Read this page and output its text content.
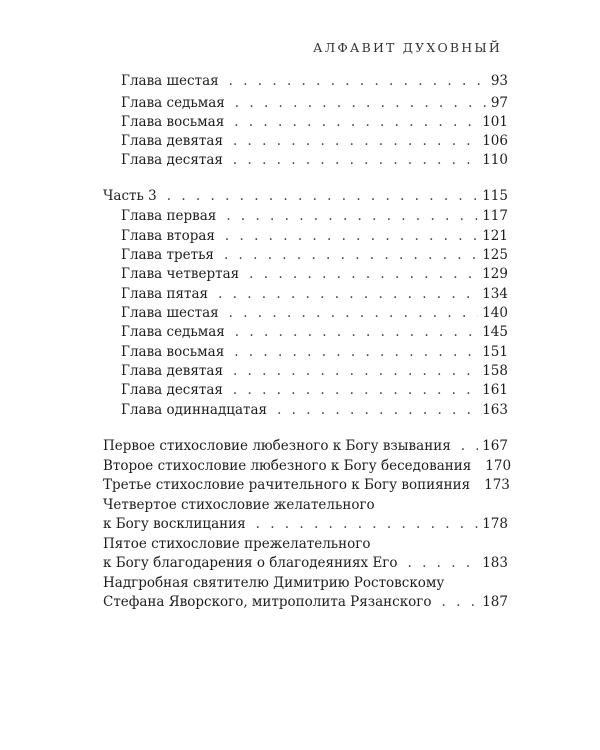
АЛФАВИТ ДУХОВНЫЙ
Глава шестая . . .	93
Глава седьмая . . .	97
Глава восьмая . . .	101
Глава девятая . . .	106
Глава десятая . . .	110
Часть 3 . . .	115
Глава первая . . .	117
Глава вторая . . .	121
Глава третья . . .	125
Глава четвертая . . .	129
Глава пятая . . .	134
Глава шестая . . .	140
Глава седьмая . . .	145
Глава восьмая . . .	151
Глава девятая . . .	158
Глава десятая . . .	161
Глава одиннадцатая . . .	163
Первое стихословие любезного к Богу взывания . . . 167
Второе стихословие любезного к Богу беседования 170
Третье стихословие рачительного к Богу вопияния 173
Четвертое стихословие желательного
к Богу восклицания . . .	178
Пятое стихословие прежелательного
к Богу благодарения о благодеяниях Его . . .	183
Надгробная святителю Димитрию Ростовскому
Стефана Яворского, митрополита Рязанского . . .	187
